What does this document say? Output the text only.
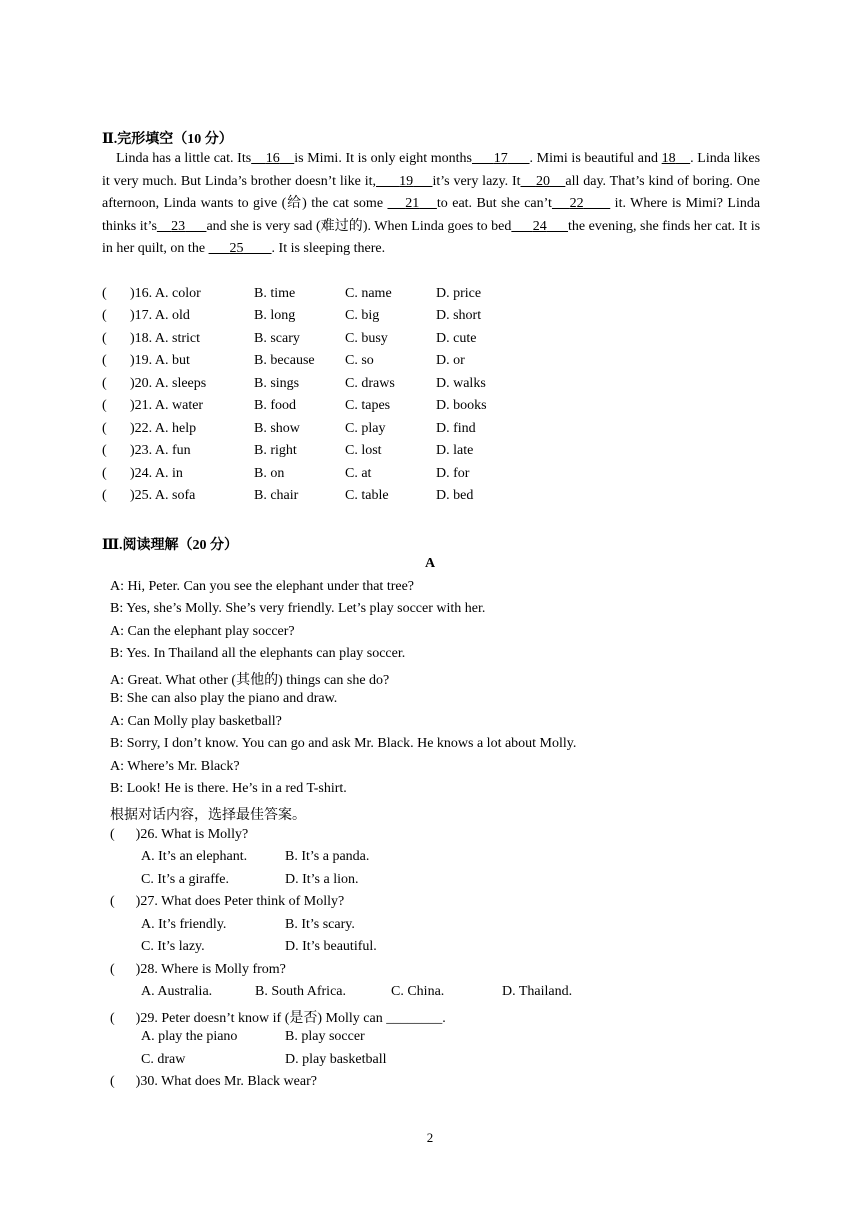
Ⅱ.完形填空（10 分）
Linda has a little cat. Its 16 is Mimi. It is only eight months 17 . Mimi is beautiful and 18 . Linda likes it very much. But Linda’s brother doesn’t like it, 19 it’s very lazy. It 20 all day. That’s kind of boring. One afternoon, Linda wants to give (给) the cat some     21 to eat. But she can’t 22       it. Where is Mimi? Linda thinks it’s 23 and she is very sad (难过的). When Linda goes to bed 24 the evening, she finds her cat. It is in her quilt, on the       25 . It is sleeping there.
( )16. A. color	B. time	C. name	D. price
( )17. A. old	B. long	C. big	D. short
( )18. A. strict	B. scary	C. busy	D. cute
( )19. A. but	B. because C. so	D. or
( )20. A. sleeps	B. sings	C. draws	D. walks
( )21. A. water	B. food	C. tapes	D. books
( )22. A. help	B. show	C. play	D. find
( )23. A. fun	B. right	C. lost	D. late
( )24. A. in	B. on	C. at	D. for
( )25. A. sofa	B. chair	C. table	D. bed
Ⅲ.阅读理解（20 分）
A
A: Hi, Peter. Can you see the elephant under that tree?
B: Yes, she’s Molly. She’s very friendly. Let’s play soccer with her.
A: Can the elephant play soccer?
B: Yes. In Thailand all the elephants can play soccer.
A: Great. What other (其他的) things can she do?
B: She can also play the piano and draw.
A: Can Molly play basketball?
B: Sorry, I don’t know. You can go and ask Mr. Black. He knows a lot about Molly.
A: Where’s Mr. Black?
B: Look! He is there. He’s in a red T-shirt.
根据对话内容，选择最佳答案。
(      )26. What is Molly?
A. It’s an elephant.	B. It’s a panda.
C. It’s a giraffe.	D. It’s a lion.
(      )27. What does Peter think of Molly?
A. It’s friendly.	B. It’s scary.
C. It’s lazy.	D. It’s beautiful.
(      )28. Where is Molly from?
A. Australia.	B. South Africa.	C. China.	D. Thailand.
(      )29. Peter doesn’t know if (是否) Molly can ________.
A. play the piano	B. play soccer
C. draw	D. play basketball
(      )30. What does Mr. Black wear?
2
